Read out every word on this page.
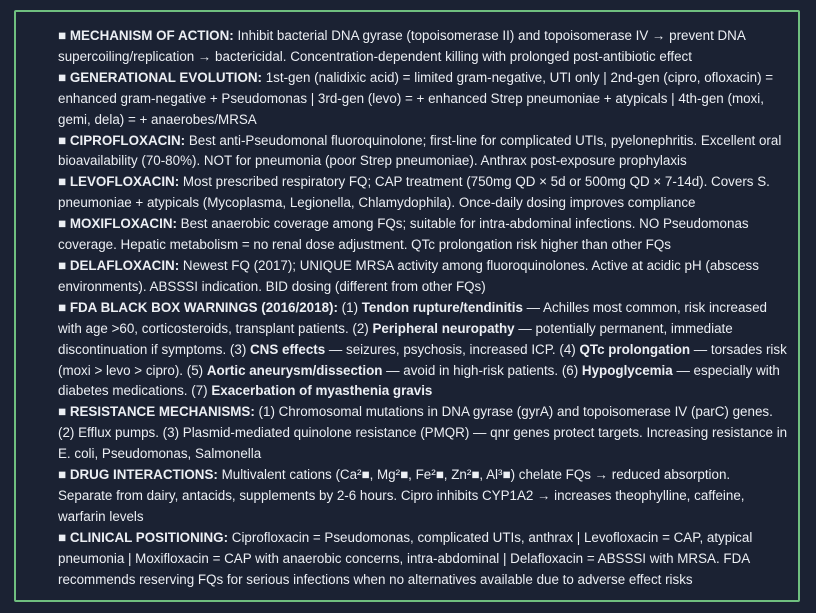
■ MECHANISM OF ACTION: Inhibit bacterial DNA gyrase (topoisomerase II) and topoisomerase IV → prevent DNA supercoiling/replication → bactericidal. Concentration-dependent killing with prolonged post-antibiotic effect

■ GENERATIONAL EVOLUTION: 1st-gen (nalidixic acid) = limited gram-negative, UTI only | 2nd-gen (cipro, ofloxacin) = enhanced gram-negative + Pseudomonas | 3rd-gen (levo) = + enhanced Strep pneumoniae + atypicals | 4th-gen (moxi, gemi, dela) = + anaerobes/MRSA

■ CIPROFLOXACIN: Best anti-Pseudomonal fluoroquinolone; first-line for complicated UTIs, pyelonephritis. Excellent oral bioavailability (70-80%). NOT for pneumonia (poor Strep pneumoniae). Anthrax post-exposure prophylaxis

■ LEVOFLOXACIN: Most prescribed respiratory FQ; CAP treatment (750mg QD × 5d or 500mg QD × 7-14d). Covers S. pneumoniae + atypicals (Mycoplasma, Legionella, Chlamydophila). Once-daily dosing improves compliance

■ MOXIFLOXACIN: Best anaerobic coverage among FQs; suitable for intra-abdominal infections. NO Pseudomonas coverage. Hepatic metabolism = no renal dose adjustment. QTc prolongation risk higher than other FQs

■ DELAFLOXACIN: Newest FQ (2017); UNIQUE MRSA activity among fluoroquinolones. Active at acidic pH (abscess environments). ABSSSI indication. BID dosing (different from other FQs)

■ FDA BLACK BOX WARNINGS (2016/2018): (1) Tendon rupture/tendinitis — Achilles most common, risk increased with age >60, corticosteroids, transplant patients. (2) Peripheral neuropathy — potentially permanent, immediate discontinuation if symptoms. (3) CNS effects — seizures, psychosis, increased ICP. (4) QTc prolongation — torsades risk (moxi > levo > cipro). (5) Aortic aneurysm/dissection — avoid in high-risk patients. (6) Hypoglycemia — especially with diabetes medications. (7) Exacerbation of myasthenia gravis

■ RESISTANCE MECHANISMS: (1) Chromosomal mutations in DNA gyrase (gyrA) and topoisomerase IV (parC) genes. (2) Efflux pumps. (3) Plasmid-mediated quinolone resistance (PMQR) — qnr genes protect targets. Increasing resistance in E. coli, Pseudomonas, Salmonella

■ DRUG INTERACTIONS: Multivalent cations (Ca²■, Mg²■, Fe²■, Zn²■, Al³■) chelate FQs → reduced absorption. Separate from dairy, antacids, supplements by 2-6 hours. Cipro inhibits CYP1A2 → increases theophylline, caffeine, warfarin levels

■ CLINICAL POSITIONING: Ciprofloxacin = Pseudomonas, complicated UTIs, anthrax | Levofloxacin = CAP, atypical pneumonia | Moxifloxacin = CAP with anaerobic concerns, intra-abdominal | Delafloxacin = ABSSSI with MRSA. FDA recommends reserving FQs for serious infections when no alternatives available due to adverse effect risks
